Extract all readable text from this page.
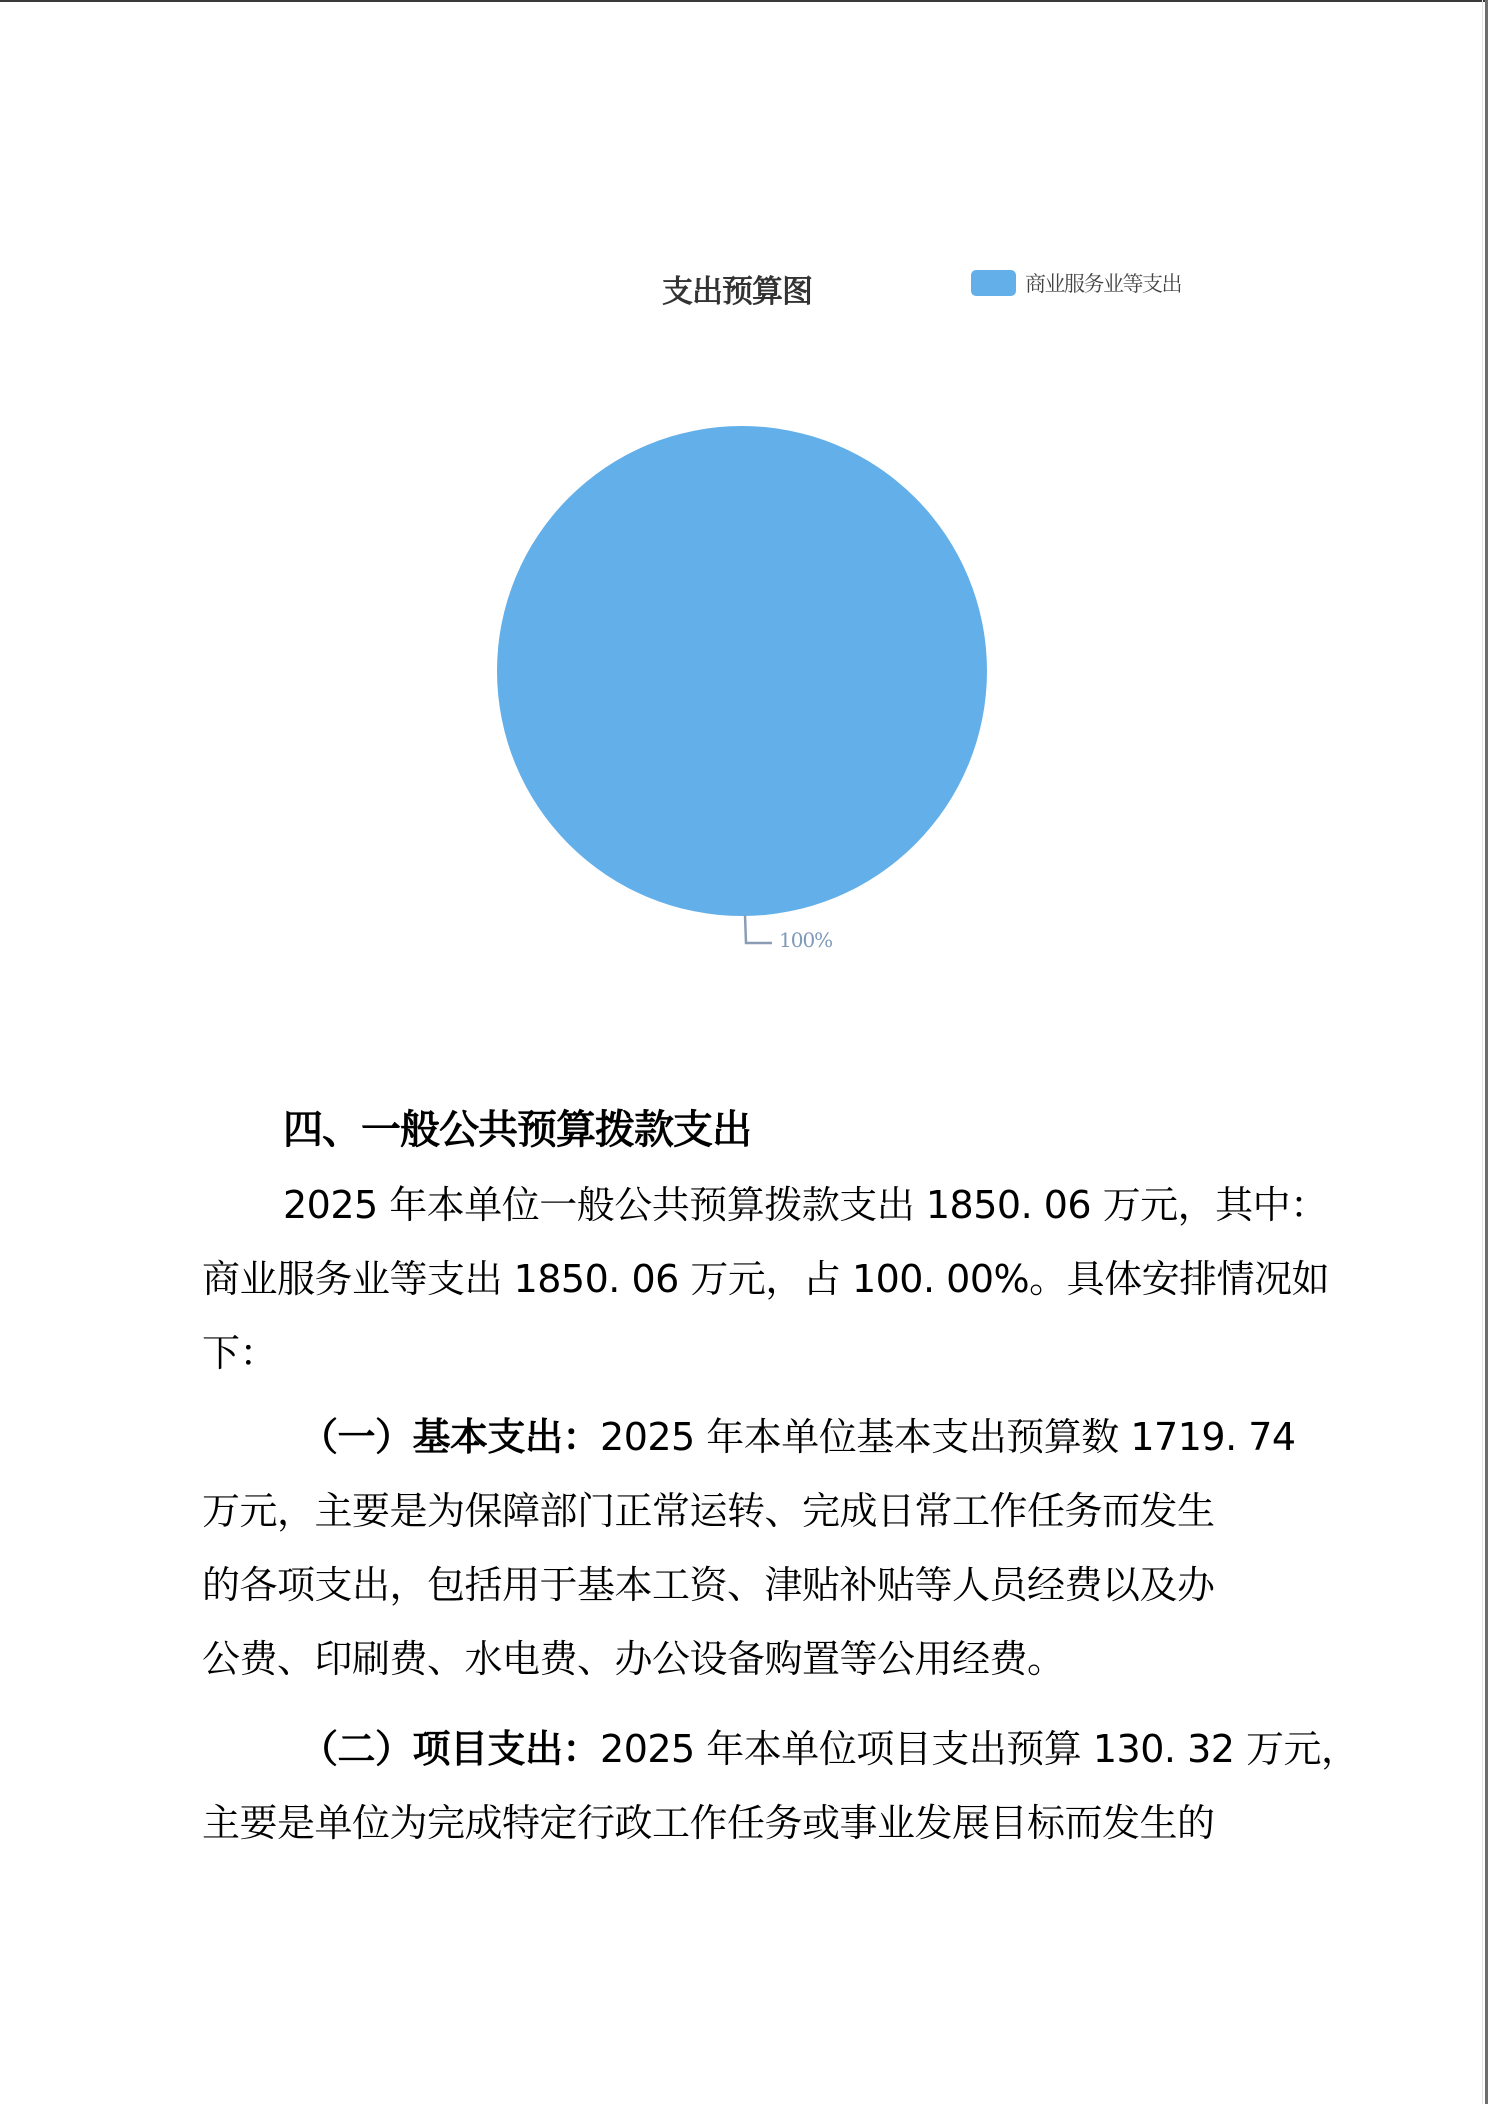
支出预算图	商业服务业等支出
100%
四、一般公共预算拨款支出
2025 年本单位一般公共预算拨款支出 1850. 06 万元，其中：
商业服务业等支出 1850. 06 万元，占 100. 00%。具体安排情况如
下：
（一）基本支出：2025 年本单位基本支出预算数 1719. 74
万元，主要是为保障部门正常运转、完成日常工作任务而发生
的各项支出，包括用于基本工资、津贴补贴等人员经费以及办
公费、印刷费、水电费、办公设备购置等公用经费。
（二）项目支出：2025 年本单位项目支出预算 130. 32 万元，
主要是单位为完成特定行政工作任务或事业发展目标而发生的
